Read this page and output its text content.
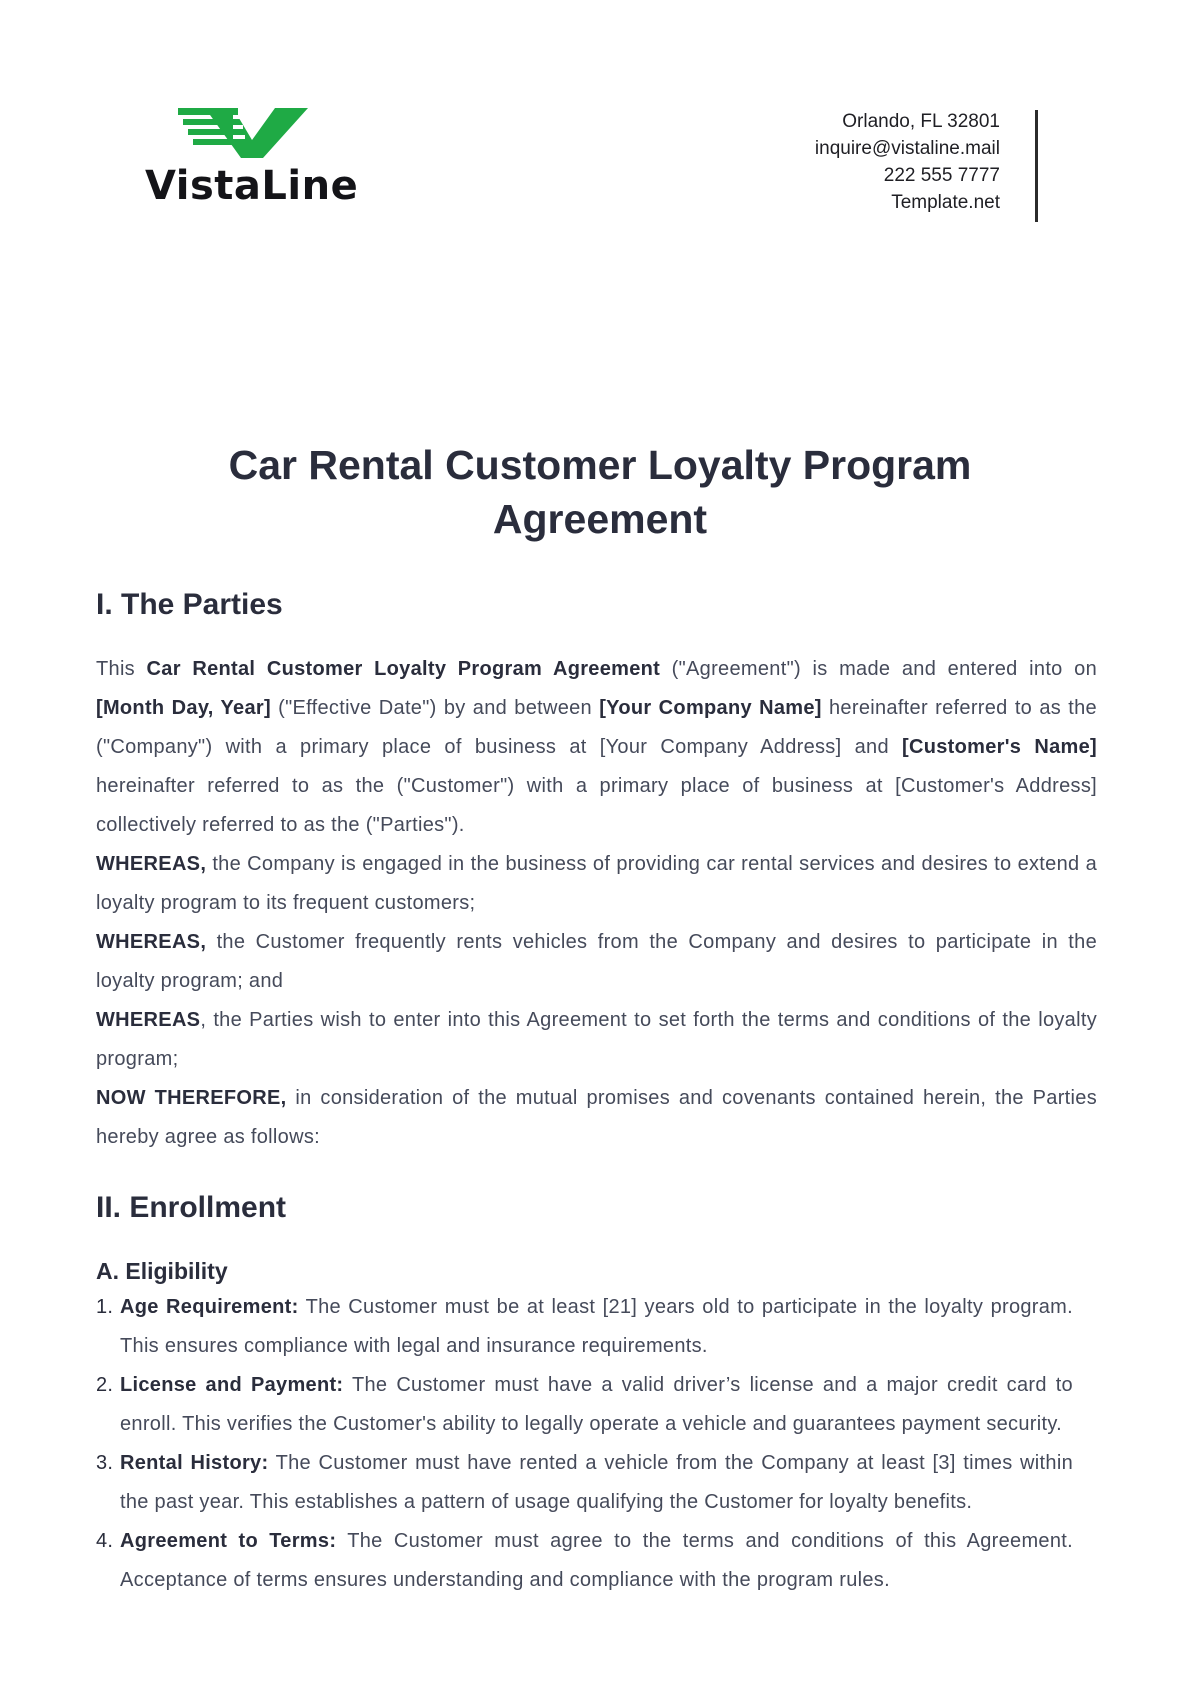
VistaLine
Orlando, FL 32801
inquire@vistaline.mail
222 555 7777
Template.net
Car Rental Customer Loyalty Program Agreement
I. The Parties

This Car Rental Customer Loyalty Program Agreement ("Agreement") is made and entered into on [Month Day, Year] ("Effective Date") by and between [Your Company Name] hereinafter referred to as the ("Company") with a primary place of business at [Your Company Address] and [Customer's Name] hereinafter referred to as the ("Customer") with a primary place of business at [Customer's Address] collectively referred to as the ("Parties").

WHEREAS, the Company is engaged in the business of providing car rental services and desires to extend a loyalty program to its frequent customers;

WHEREAS, the Customer frequently rents vehicles from the Company and desires to participate in the loyalty program; and

WHEREAS, the Parties wish to enter into this Agreement to set forth the terms and conditions of the loyalty program;

NOW THEREFORE, in consideration of the mutual promises and covenants contained herein, the Parties hereby agree as follows:

II. Enrollment
A. Eligibility
1. Age Requirement: The Customer must be at least [21] years old to participate in the loyalty program. This ensures compliance with legal and insurance requirements.
2. License and Payment: The Customer must have a valid driver’s license and a major credit card to enroll. This verifies the Customer's ability to legally operate a vehicle and guarantees payment security.
3. Rental History: The Customer must have rented a vehicle from the Company at least [3] times within the past year. This establishes a pattern of usage qualifying the Customer for loyalty benefits.
4. Agreement to Terms: The Customer must agree to the terms and conditions of this Agreement. Acceptance of terms ensures understanding and compliance with the program rules.
